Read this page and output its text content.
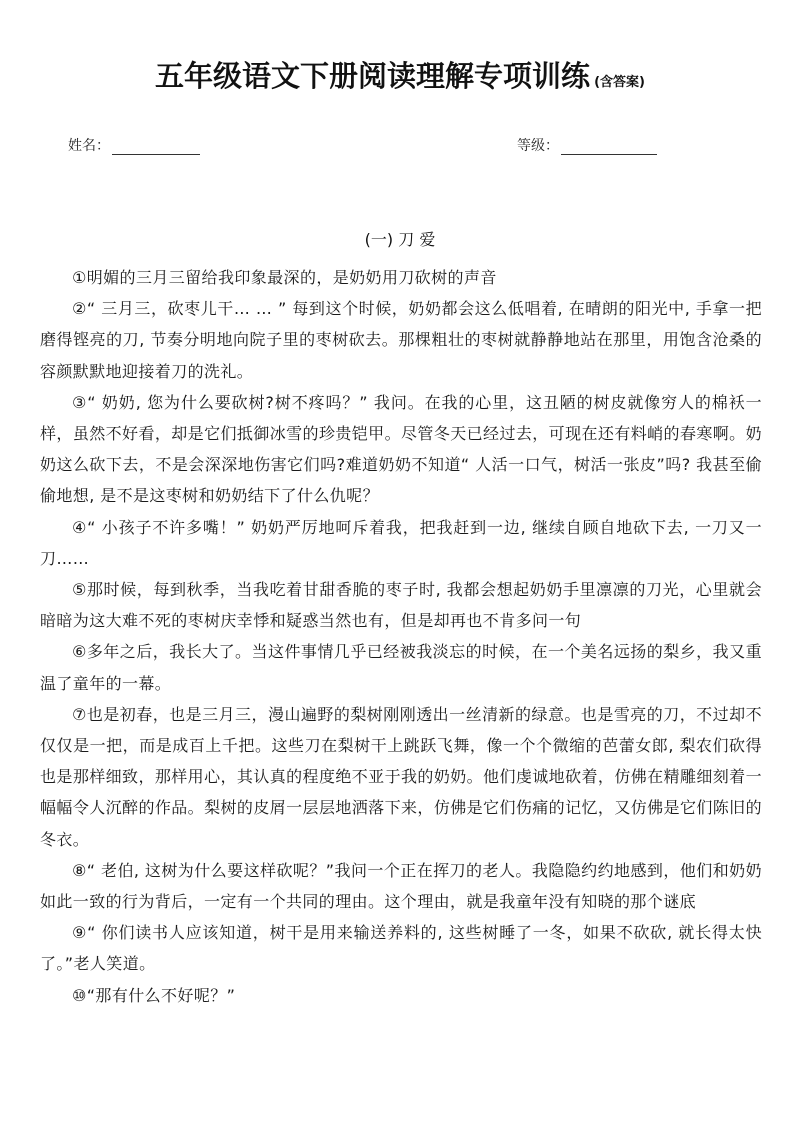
五年级语文下册阅读理解专项训练 (含答案)
姓名：	等级：
(一) 刀 爱

①明媚的三月三留给我印象最深的，是奶奶用刀砍树的声音

②“ 三月三，砍枣儿干… … ” 每到这个时候，奶奶都会这么低唱着, 在晴朗的阳光中, 手拿一把磨得铿亮的刀, 节奏分明地向院子里的枣树砍去。那棵粗壮的枣树就静静地站在那里，用饱含沧桑的容颜默默地迎接着刀的洗礼。

③“ 奶奶, 您为什么要砍树?树不疼吗？” 我问。在我的心里，这丑陋的树皮就像穷人的棉袄一样，虽然不好看，却是它们抵御冰雪的珍贵铠甲。尽管冬天已经过去，可现在还有料峭的春寒啊。奶奶这么砍下去，不是会深深地伤害它们吗?难道奶奶不知道“ 人活一口气，树活一张皮”吗? 我甚至偷偷地想, 是不是这枣树和奶奶结下了什么仇呢？

④“ 小孩子不许多嘴！” 奶奶严厉地呵斥着我，把我赶到一边, 继续自顾自地砍下去, 一刀又一刀……

⑤那时候，每到秋季，当我吃着甘甜香脆的枣子时, 我都会想起奶奶手里凛凛的刀光，心里就会暗暗为这大难不死的枣树庆幸悸和疑惑当然也有，但是却再也不肯多问一句

⑥多年之后，我长大了。当这件事情几乎已经被我淡忘的时候，在一个美名远扬的梨乡，我又重温了童年的一幕。

⑦也是初春，也是三月三，漫山遍野的梨树刚刚透出一丝清新的绿意。也是雪亮的刀，不过却不仅仅是一把，而是成百上千把。这些刀在梨树干上跳跃飞舞，像一个个微缩的芭蕾女郎, 梨农们砍得也是那样细致，那样用心，其认真的程度绝不亚于我的奶奶。他们虔诚地砍着，仿佛在精雕细刻着一幅幅令人沉醉的作品。梨树的皮屑一层层地洒落下来，仿佛是它们伤痛的记忆，又仿佛是它们陈旧的冬衣。

⑧“ 老伯, 这树为什么要这样砍呢？”我问一个正在挥刀的老人。我隐隐约约地感到，他们和奶奶如此一致的行为背后，一定有一个共同的理由。这个理由，就是我童年没有知晓的那个谜底

⑨“ 你们读书人应该知道，树干是用来输送养料的, 这些树睡了一冬，如果不砍砍, 就长得太快了。”老人笑道。

⑩“那有什么不好呢？”
